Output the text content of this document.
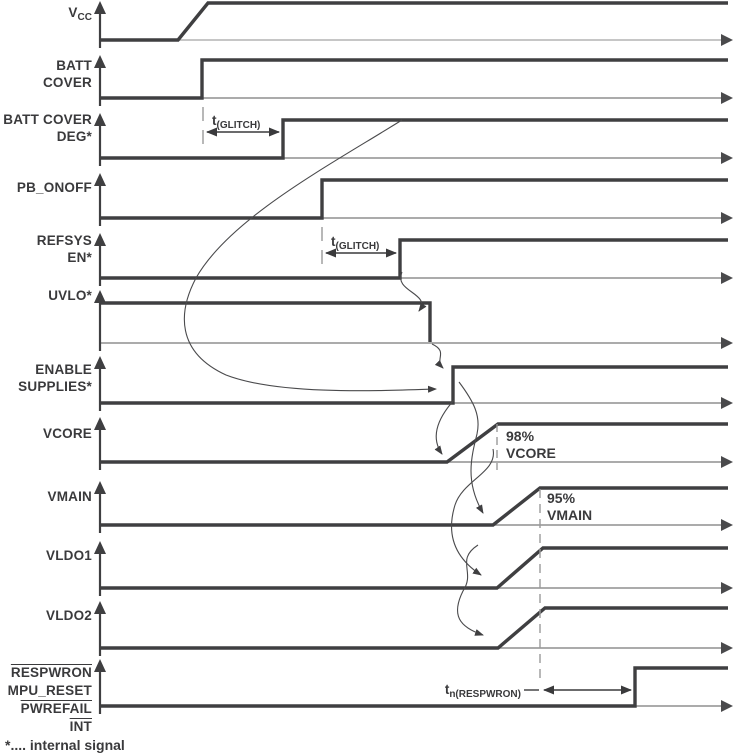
$V_{CC}$
BATT
COVER
BATT COVER
DEG*
PB_ONOFF
REFSYS
EN*
UVLO*
ENABLE
SUPPLIES*
VCORE
VMAIN
VLDO1
VLDO2
RESPWRON
MPU_RESET
PWREFAIL
$\overline{INT}$
$t_{(GLITCH)}$
$t_{(GLITCH)}$
98%
VCORE
95%
VMAIN
$t_{n(RESPWRON)}$
*.... internal signal
